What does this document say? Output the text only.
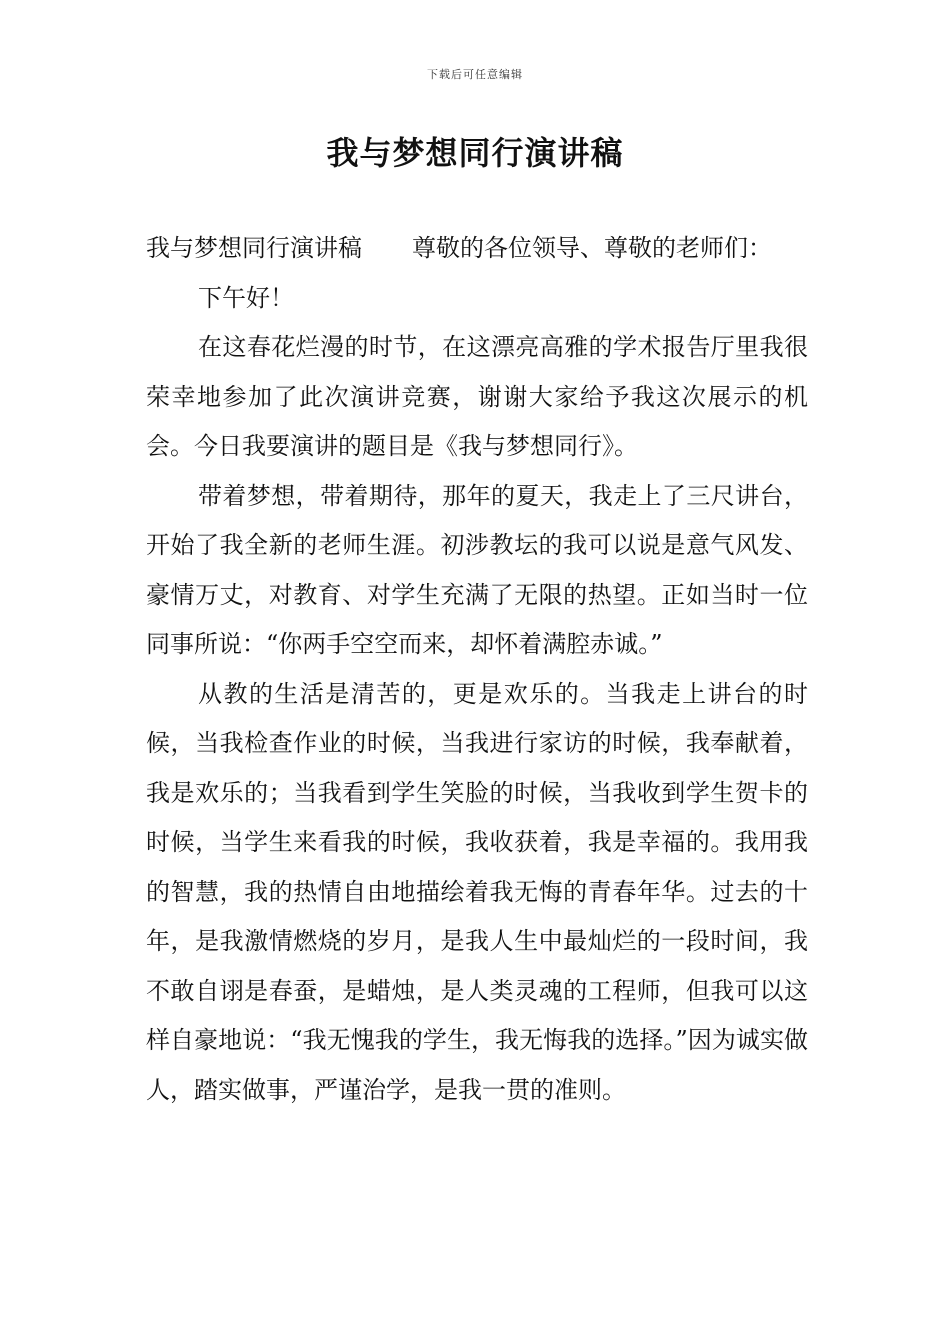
下载后可任意编辑
我与梦想同行演讲稿

我与梦想同行演讲稿 尊敬的各位领导、尊敬的老师们：

下午好！

在这春花烂漫的时节，在这漂亮高雅的学术报告厅里我很荣幸地参加了此次演讲竞赛，谢谢大家给予我这次展示的机会。今日我要演讲的题目是《我与梦想同行》。

带着梦想，带着期待，那年的夏天，我走上了三尺讲台，开始了我全新的老师生涯。初涉教坛的我可以说是意气风发、豪情万丈，对教育、对学生充满了无限的热望。正如当时一位同事所说：“你两手空空而来，却怀着满腔赤诚。”

从教的生活是清苦的，更是欢乐的。当我走上讲台的时候，当我检查作业的时候，当我进行家访的时候，我奉献着，我是欢乐的；当我看到学生笑脸的时候，当我收到学生贺卡的时候，当学生来看我的时候，我收获着，我是幸福的。我用我的智慧，我的热情自由地描绘着我无悔的青春年华。过去的十年，是我激情燃烧的岁月，是我人生中最灿烂的一段时间，我不敢自诩是春蚕，是蜡烛，是人类灵魂的工程师，但我可以这样自豪地说：“我无愧我的学生，我无悔我的选择。”因为诚实做人，踏实做事，严谨治学，是我一贯的准则。
